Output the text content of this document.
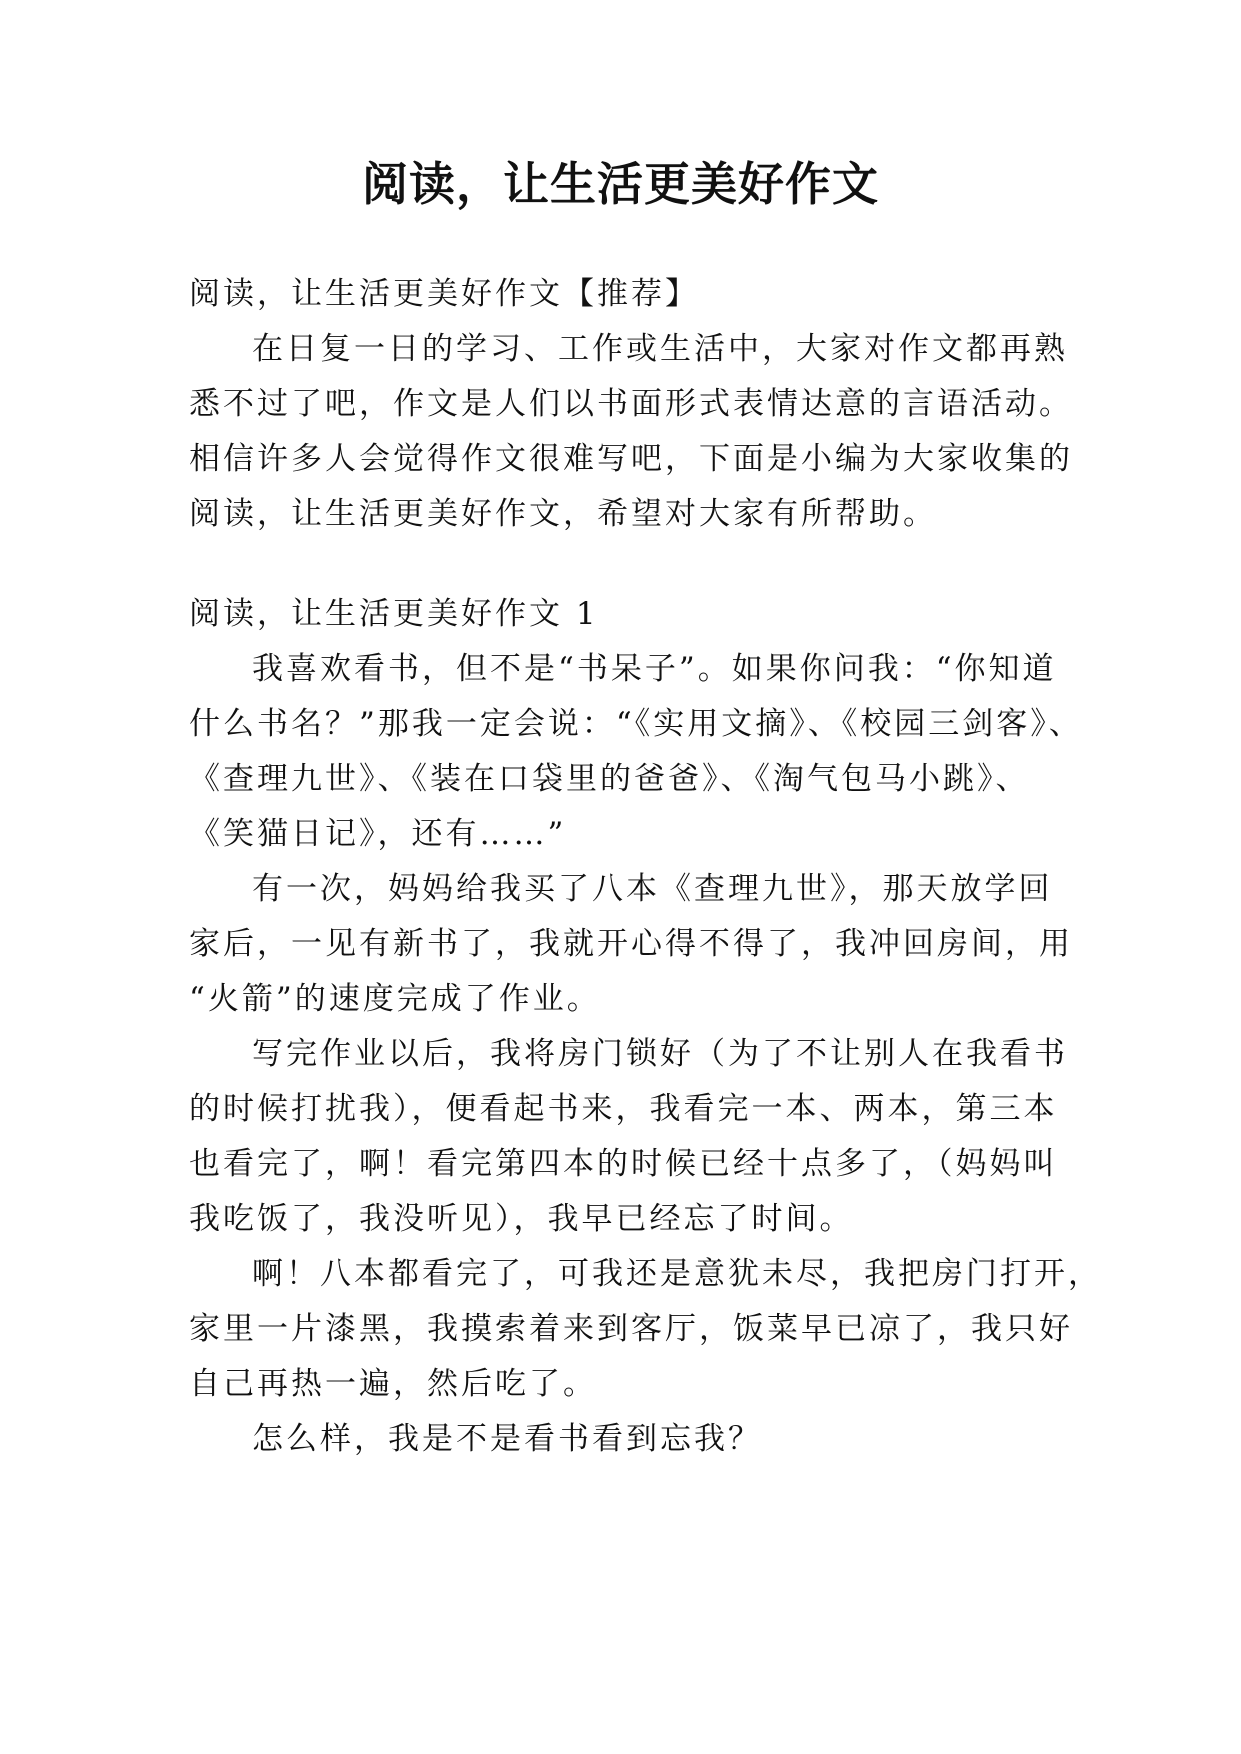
阅读，让生活更美好作文
阅读，让生活更美好作文【推荐】
在日复一日的学习、工作或生活中，大家对作文都再熟
悉不过了吧，作文是人们以书面形式表情达意的言语活动。
相信许多人会觉得作文很难写吧，下面是小编为大家收集的
阅读，让生活更美好作文，希望对大家有所帮助。
阅读，让生活更美好作文 1
我喜欢看书，但不是“书呆子”。如果你问我：“你知道
什么书名？”那我一定会说：“《实用文摘》、《校园三剑客》、
《查理九世》、《装在口袋里的爸爸》、《淘气包马小跳》、
《笑猫日记》，还有……”
有一次，妈妈给我买了八本《查理九世》，那天放学回
家后，一见有新书了，我就开心得不得了，我冲回房间，用
“火箭”的速度完成了作业。
写完作业以后，我将房门锁好（为了不让别人在我看书
的时候打扰我），便看起书来，我看完一本、两本，第三本
也看完了，啊！看完第四本的时候已经十点多了，（妈妈叫
我吃饭了，我没听见），我早已经忘了时间。
啊！八本都看完了，可我还是意犹未尽，我把房门打开，
家里一片漆黑，我摸索着来到客厅，饭菜早已凉了，我只好
自己再热一遍，然后吃了。
怎么样，我是不是看书看到忘我？
